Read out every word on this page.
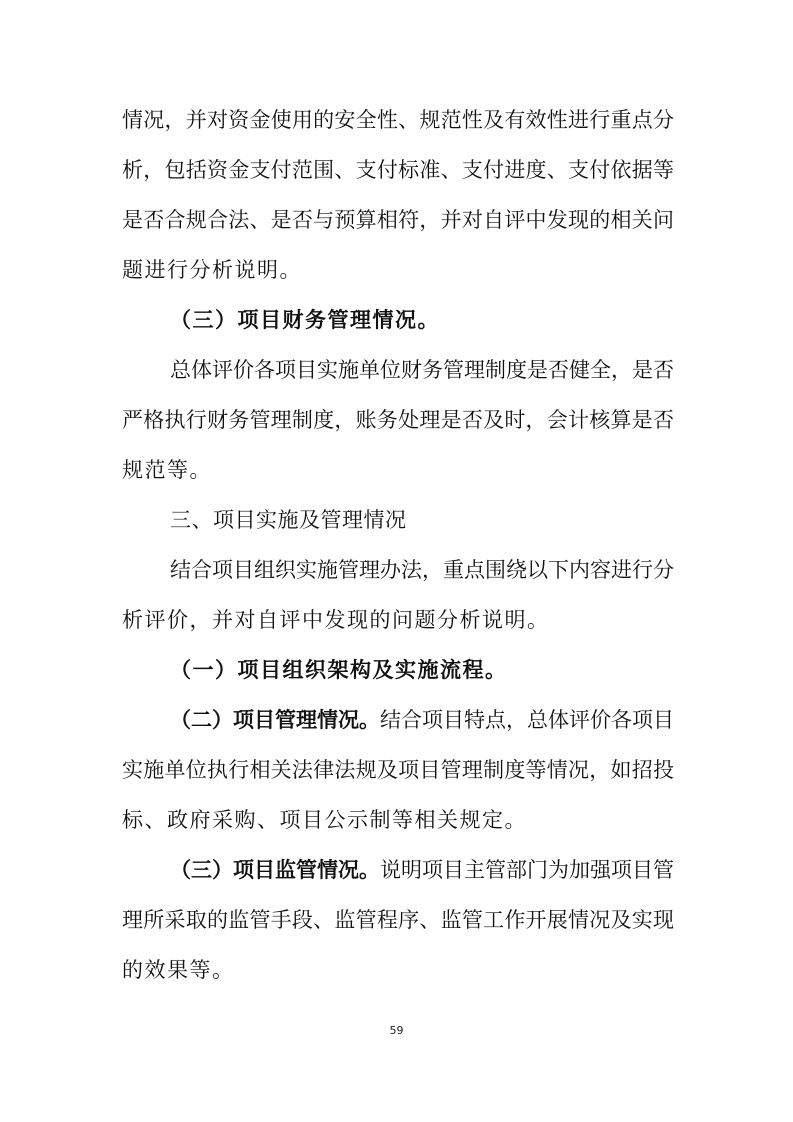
情况，并对资金使用的安全性、规范性及有效性进行重点分
析，包括资金支付范围、支付标准、支付进度、支付依据等
是否合规合法、是否与预算相符，并对自评中发现的相关问
题进行分析说明。
（三）项目财务管理情况。
总体评价各项目实施单位财务管理制度是否健全，是否
严格执行财务管理制度，账务处理是否及时，会计核算是否
规范等。
三、项目实施及管理情况
结合项目组织实施管理办法，重点围绕以下内容进行分
析评价，并对自评中发现的问题分析说明。
（一）项目组织架构及实施流程。
（二）项目管理情况。结合项目特点，总体评价各项目
实施单位执行相关法律法规及项目管理制度等情况，如招投
标、政府采购、项目公示制等相关规定。
（三）项目监管情况。说明项目主管部门为加强项目管
理所采取的监管手段、监管程序、监管工作开展情况及实现
的效果等。
59
